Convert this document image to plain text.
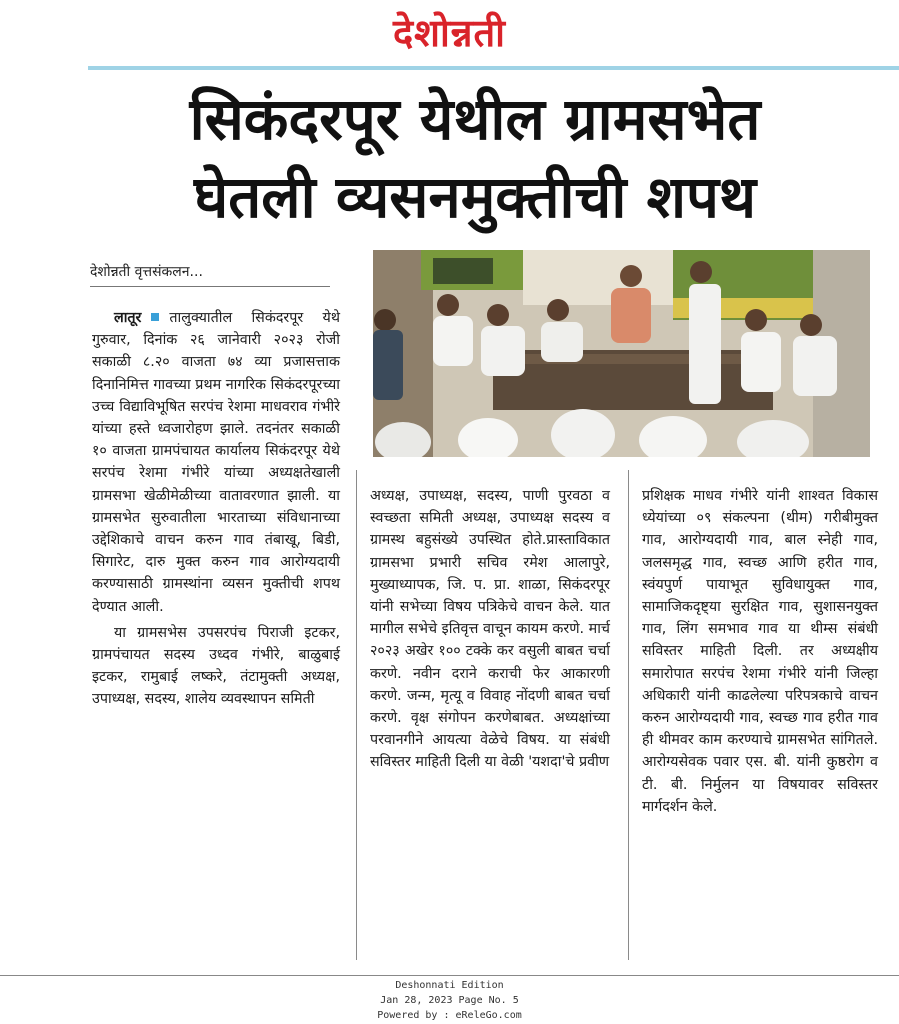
देशोन्नती
सिकंदरपूर येथील ग्रामसभेत
घेतली व्यसनमुक्तीची शपथ
देशोन्नती वृत्तसंकलन...

लातूर तालुक्यातील सिकंदरपूर येथे गुरुवार, दिनांक २६ जानेवारी २०२३ रोजी सकाळी ८.२० वाजता ७४ व्या प्रजासत्ताक दिनानिमित्त गावच्या प्रथम नागरिक सिकंदरपूरच्या उच्च विद्याविभूषित सरपंच रेशमा माधवराव गंभीरे यांच्या हस्ते ध्वजारोहण झाले. तदनंतर सकाळी १० वाजता ग्रामपंचायत कार्यालय सिकंदरपूर येथे सरपंच रेशमा गंभीरे यांच्या अध्यक्षतेखाली ग्रामसभा खेळीमेळीच्या वातावरणात झाली. या ग्रामसभेत सुरुवातीला भारताच्या संविधानाच्या उद्देशिकाचे वाचन करुन गाव तंबाखू, बिडी, सिगारेट, दारु मुक्त करुन गाव आरोग्यदायी करण्यासाठी ग्रामस्थांना व्यसन मुक्तीची शपथ देण्यात आली.

या ग्रामसभेस उपसरपंच पिराजी इटकर, ग्रामपंचायत सदस्य उध्दव गंभीरे, बाळुबाई इटकर, रामुबाई लष्करे, तंटामुक्ती अध्यक्ष, उपाध्यक्ष, सदस्य, शालेय व्यवस्थापन समिती

अध्यक्ष, उपाध्यक्ष, सदस्य, पाणी पुरवठा व स्वच्छता समिती अध्यक्ष, उपाध्यक्ष सदस्य व ग्रामस्थ बहुसंख्ये उपस्थित होते.प्रास्ताविकात ग्रामसभा प्रभारी सचिव रमेश आलापुरे, मुख्याध्यापक, जि. प. प्रा. शाळा, सिकंदरपूर यांनी सभेच्या विषय पत्रिकेचे वाचन केले. यात मागील सभेचे इतिवृत्त वाचून कायम करणे. मार्च २०२३ अखेर १०० टक्के कर वसुली बाबत चर्चा करणे. नवीन दराने कराची फेर आकारणी करणे. जन्म, मृत्यू व विवाह नोंदणी बाबत चर्चा करणे. वृक्ष संगोपन करणेबाबत. अध्यक्षांच्या परवानगीने आयत्या वेळेचे विषय. या संबंधी सविस्तर माहिती दिली या वेळी 'यशदा'चे प्रवीण

प्रशिक्षक माधव गंभीरे यांनी शाश्वत विकास ध्येयांच्या ०९ संकल्पना (थीम) गरीबीमुक्त गाव, आरोग्यदायी गाव, बाल स्नेही गाव, जलसमृद्ध गाव, स्वच्छ आणि हरीत गाव, स्वंयपुर्ण पायाभूत सुविधायुक्त गाव, सामाजिकदृष्ट्या सुरक्षित गाव, सुशासनयुक्त गाव, लिंग समभाव गाव या थीम्स संबंधी सविस्तर माहिती दिली. तर अध्यक्षीय समारोपात सरपंच रेशमा गंभीरे यांनी जिल्हा अधिकारी यांनी काढलेल्या परिपत्रकाचे वाचन करुन आरोग्यदायी गाव, स्वच्छ गाव हरीत गाव ही थीमवर काम करण्याचे ग्रामसभेत सांगितले. आरोग्यसेवक पवार एस. बी. यांनी कुष्ठरोग व टी. बी. निर्मुलन या विषयावर सविस्तर मार्गदर्शन केले.

Deshonnati Edition
Jan 28, 2023 Page No. 5
Powered by : eReleGo.com
